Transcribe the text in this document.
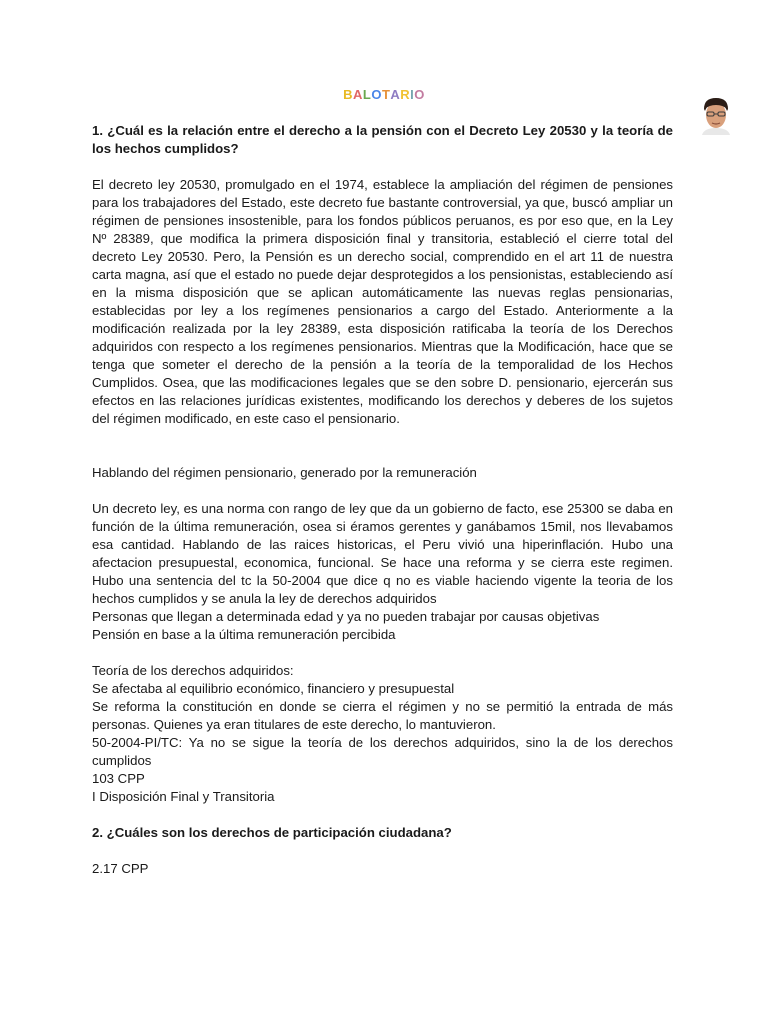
BALOTARIO

1. ¿Cuál es la relación entre el derecho a la pensión con el Decreto Ley 20530 y la teoría de los hechos cumplidos?

El decreto ley 20530, promulgado en el 1974, establece la ampliación del régimen de pensiones para los trabajadores del Estado, este decreto fue bastante controversial, ya que, buscó ampliar un régimen de pensiones insostenible, para los fondos públicos peruanos, es por eso que, en la Ley Nº 28389, que modifica la primera disposición final y transitoria, estableció el cierre total del decreto Ley 20530. Pero, la Pensión es un derecho social, comprendido en el art 11 de nuestra carta magna, así que el estado no puede dejar desprotegidos a los pensionistas, estableciendo así en la misma disposición que se aplican automáticamente las nuevas reglas pensionarias, establecidas por ley a los regímenes pensionarios a cargo del Estado. Anteriormente a la modificación realizada por la ley 28389, esta disposición ratificaba la teoría de los Derechos adquiridos con respecto a los regímenes pensionarios. Mientras que la Modificación, hace que se tenga que someter el derecho de la pensión a la teoría de la temporalidad de los Hechos Cumplidos. Osea, que las modificaciones legales que se den sobre D. pensionario, ejercerán sus efectos en las relaciones jurídicas existentes, modificando los derechos y deberes de los sujetos del régimen modificado, en este caso el pensionario.

Hablando del régimen pensionario, generado por la remuneración

Un decreto ley, es una norma con rango de ley que da un gobierno de facto, ese 25300 se daba en función de la última remuneración, osea si éramos gerentes y ganábamos 15mil, nos llevabamos esa cantidad. Hablando de las raices historicas, el Peru vivió una hiperinflación. Hubo una afectacion presupuestal, economica, funcional. Se hace una reforma y se cierra este regimen. Hubo una sentencia del tc la 50-2004 que dice q no es viable haciendo vigente la teoria de los hechos cumplidos y se anula la ley de derechos adquiridos

Personas que llegan a determinada edad y ya no pueden trabajar por causas objetivas

Pensión en base a la última remuneración percibida

Teoría de los derechos adquiridos:

Se afectaba al equilibrio económico, financiero y presupuestal

Se reforma la constitución en donde se cierra el régimen y no se permitió la entrada de más personas. Quienes ya eran titulares de este derecho, lo mantuvieron.

50-2004-PI/TC: Ya no se sigue la teoría de los derechos adquiridos, sino la de los derechos cumplidos

103 CPP

I Disposición Final y Transitoria

2. ¿Cuáles son los derechos de participación ciudadana?

2.17 CPP
